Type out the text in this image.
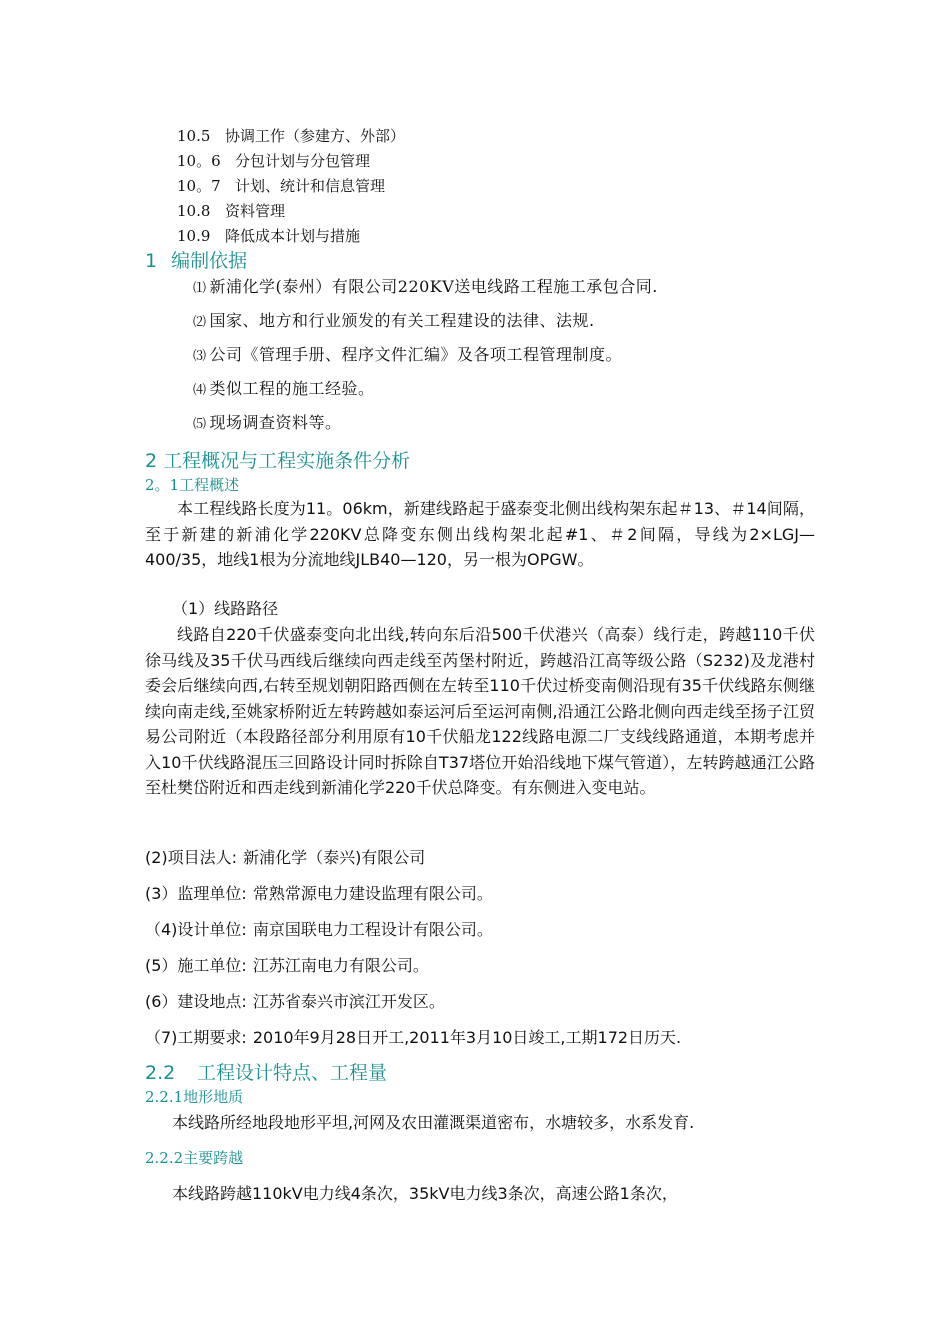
10.5 协调工作（参建方、外部）
10。6 分包计划与分包管理
10。7 计划、统计和信息管理
10.8 资料管理
10.9 降低成本计划与措施
1 编制依据
⑴ 新浦化学(泰州）有限公司220KV送电线路工程施工承包合同.
⑵ 国家、地方和行业颁发的有关工程建设的法律、法规.
⑶ 公司《管理手册、程序文件汇编》及各项工程管理制度。
⑷ 类似工程的施工经验。
⑸ 现场调查资料等。
2 工程概况与工程实施条件分析
2。1工程概述

本工程线路长度为11。06km，新建线路起于盛泰变北侧出线构架东起＃13、＃14间隔，至于新建的新浦化学220KV总降变东侧出线构架北起#1、＃2间隔，导线为2×LGJ—400/35，地线1根为分流地线JLB40—120，另一根为OPGW。

（1）线路路径

线路自220千伏盛泰变向北出线,转向东后沿500千伏港兴（高泰）线行走，跨越110千伏徐马线及35千伏马西线后继续向西走线至芮堡村附近，跨越沿江高等级公路（S232)及龙港村委会后继续向西,右转至规划朝阳路西侧在左转至110千伏过桥变南侧沿现有35千伏线路东侧继续向南走线,至姚家桥附近左转跨越如泰运河后至运河南侧,沿通江公路北侧向西走线至扬子江贸易公司附近（本段路径部分利用原有10千伏船龙122线路电源二厂支线线路通道，本期考虑并入10千伏线路混压三回路设计同时拆除自T37塔位开始沿线地下煤气管道），左转跨越通江公路至杜樊岱附近和西走线到新浦化学220千伏总降变。有东侧进入变电站。

(2)项目法人: 新浦化学（泰兴)有限公司
(3）监理单位: 常熟常源电力建设监理有限公司。
（4)设计单位: 南京国联电力工程设计有限公司。
(5）施工单位: 江苏江南电力有限公司。
(6）建设地点: 江苏省泰兴市滨江开发区。
（7)工期要求: 2010年9月28日开工,2011年3月10日竣工,工期172日历天.
2.2 工程设计特点、工程量
2.2.1地形地质
本线路所经地段地形平坦,河网及农田灌溉渠道密布，水塘较多，水系发育.
2.2.2主要跨越
本线路跨越110kV电力线4条次，35kV电力线3条次，高速公路1条次，
